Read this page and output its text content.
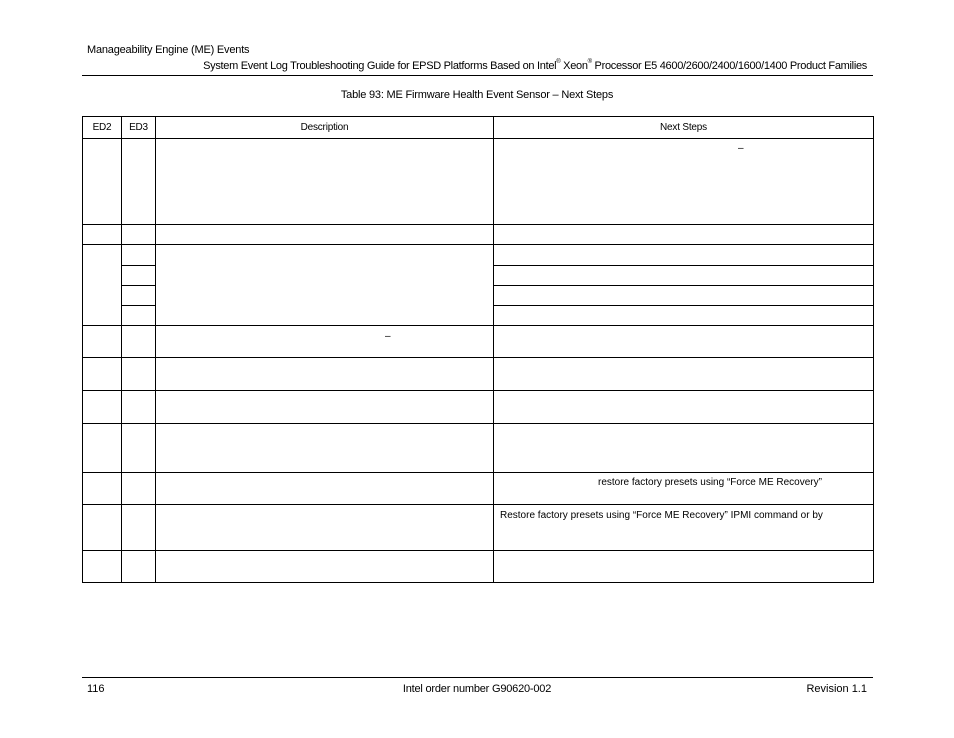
Manageability Engine (ME) Events
System Event Log Troubleshooting Guide for EPSD Platforms Based on Intel® Xeon® Processor E5 4600/2600/2400/1600/1400 Product Families
Table 93: ME Firmware Health Event Sensor – Next Steps
ED2	ED3	Description	Next Steps

			–

		–	

			restore factory presets using “Force ME Recovery”

			Restore factory presets using “Force ME Recovery” IPMI command or by

116	Intel order number G90620-002	Revision 1.1
